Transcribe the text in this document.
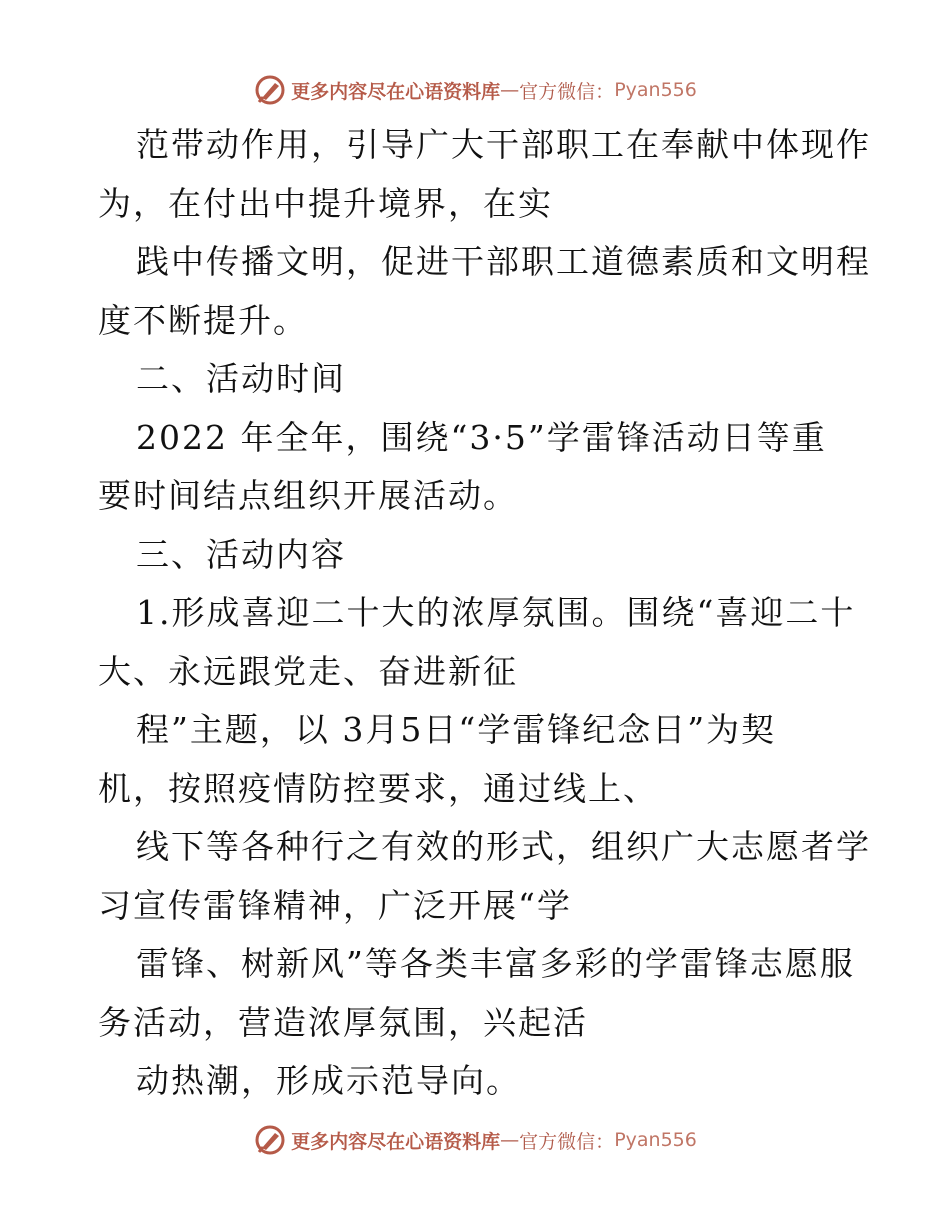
更多内容尽在心语资料库 — 官方微信： Pyan556
范带动作用，引导广大干部职工在奉献中体现作
为，在付出中提升境界，在实
践中传播文明，促进干部职工道德素质和文明程
度不断提升。
二、活动时间
2022 年全年，围绕“3·5”学雷锋活动日等重
要时间结点组织开展活动。
三、活动内容
1.形成喜迎二十大的浓厚氛围。围绕“喜迎二十
大、永远跟党走、奋进新征
程”主题，以 3月5日“学雷锋纪念日”为契
机，按照疫情防控要求，通过线上、
线下等各种行之有效的形式，组织广大志愿者学
习宣传雷锋精神，广泛开展“学
雷锋、树新风”等各类丰富多彩的学雷锋志愿服
务活动，营造浓厚氛围，兴起活
动热潮，形成示范导向。
更多内容尽在心语资料库 — 官方微信： Pyan556
